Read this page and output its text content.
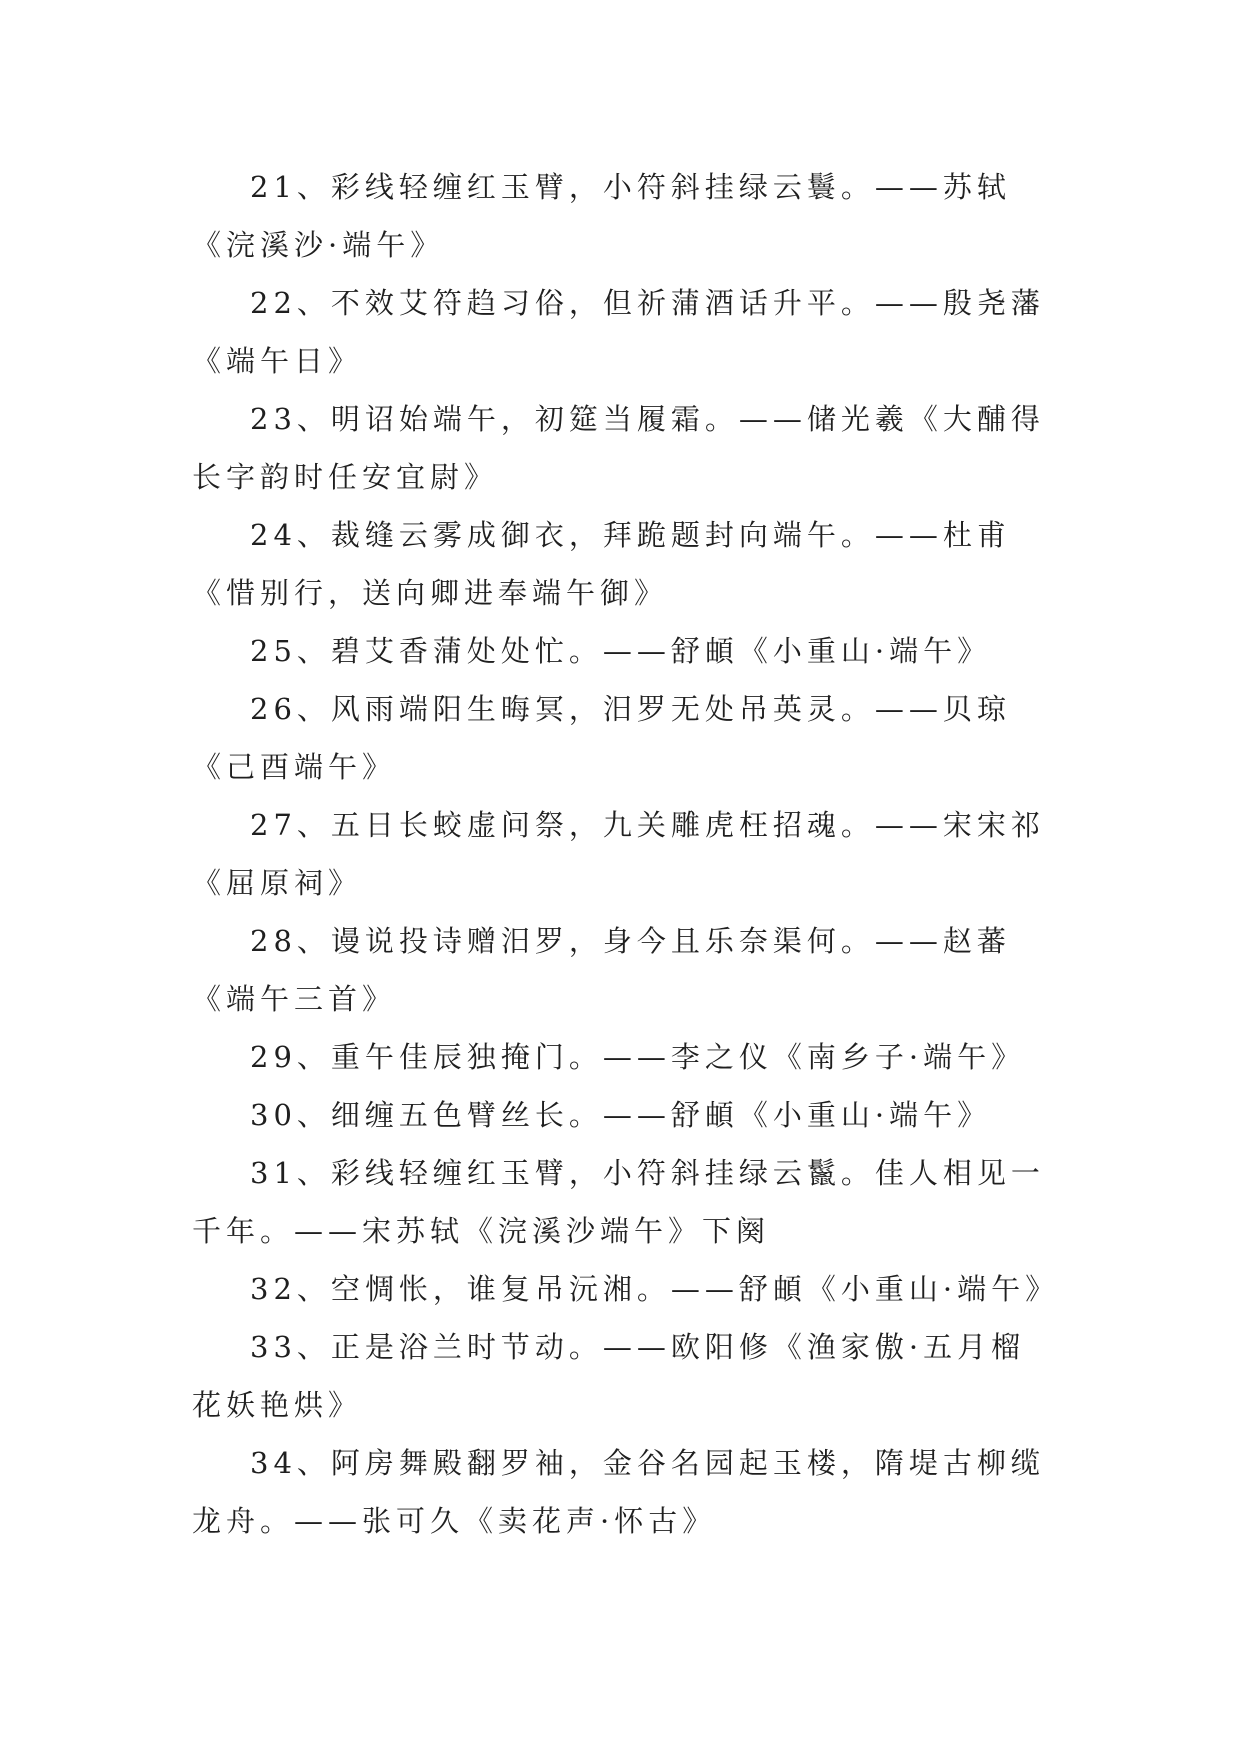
21、彩线轻缠红玉臂，小符斜挂绿云鬟。——苏轼《浣溪沙·端午》

22、不效艾符趋习俗，但祈蒲酒话升平。——殷尧藩《端午日》

23、明诏始端午，初筵当履霜。——储光羲《大酺得长字韵时任安宜尉》

24、裁缝云雾成御衣，拜跪题封向端午。——杜甫《惜别行，送向卿进奉端午御》

25、碧艾香蒲处处忙。——舒頔《小重山·端午》

26、风雨端阳生晦冥，汨罗无处吊英灵。——贝琼《己酉端午》

27、五日长蛟虚问祭，九关雕虎枉招魂。——宋宋祁《屈原祠》

28、谩说投诗赠汨罗，身今且乐奈渠何。——赵蕃《端午三首》

29、重午佳辰独掩门。——李之仪《南乡子·端午》

30、细缠五色臂丝长。——舒頔《小重山·端午》

31、彩线轻缠红玉臂，小符斜挂绿云鬣。佳人相见一千年。——宋苏轼《浣溪沙端午》下阕

32、空惆怅，谁复吊沅湘。——舒頔《小重山·端午》

33、正是浴兰时节动。——欧阳修《渔家傲·五月榴花妖艳烘》

34、阿房舞殿翻罗袖，金谷名园起玉楼，隋堤古柳缆龙舟。——张可久《卖花声·怀古》
